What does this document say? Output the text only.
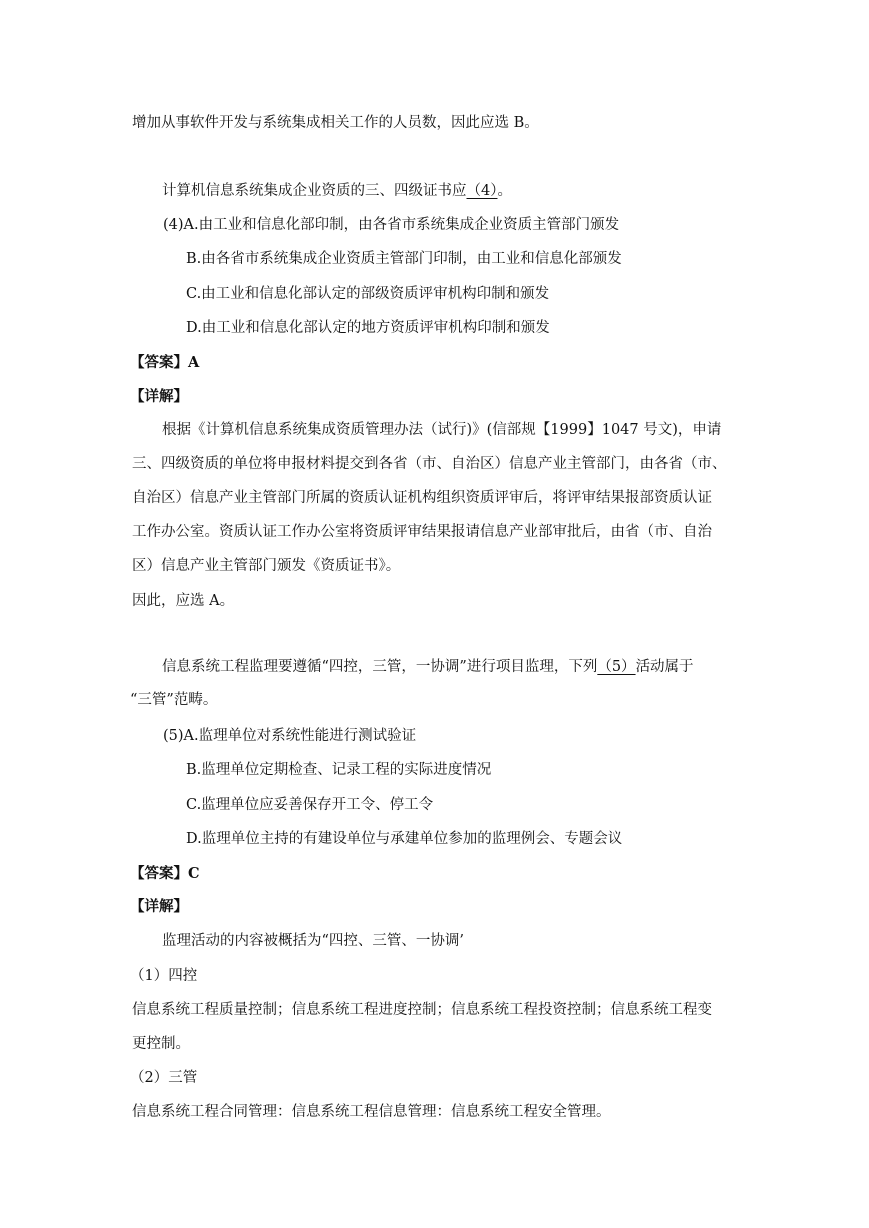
增加从事软件开发与系统集成相关工作的人员数，因此应选 B。
计算机信息系统集成企业资质的三、四级证书应（4）。
(4)A.由工业和信息化部印制，由各省市系统集成企业资质主管部门颁发
B.由各省市系统集成企业资质主管部门印制，由工业和信息化部颁发
C.由工业和信息化部认定的部级资质评审机构印制和颁发
D.由工业和信息化部认定的地方资质评审机构印制和颁发
【答案】A
【详解】
根据《计算机信息系统集成资质管理办法（试行)》(信部规【1999】1047 号文)，申请
三、四级资质的单位将申报材料提交到各省（市、自治区）信息产业主管部门，由各省（市、
自治区）信息产业主管部门所属的资质认证机构组织资质评审后，将评审结果报部资质认证
工作办公室。资质认证工作办公室将资质评审结果报请信息产业部审批后，由省（市、自治
区）信息产业主管部门颁发《资质证书》。
因此，应选 A。
信息系统工程监理要遵循“四控，三管，一协调”进行项目监理，下列（5）活动属于
“三管”范畴。
(5)A.监理单位对系统性能进行测试验证
B.监理单位定期检查、记录工程的实际进度情况
C.监理单位应妥善保存开工令、停工令
D.监理单位主持的有建设单位与承建单位参加的监理例会、专题会议
【答案】C
【详解】
监理活动的内容被概括为“四控、三管、一协调’
（1）四控
信息系统工程质量控制；信息系统工程进度控制；信息系统工程投资控制；信息系统工程变
更控制。
（2）三管
信息系统工程合同管理：信息系统工程信息管理：信息系统工程安全管理。
